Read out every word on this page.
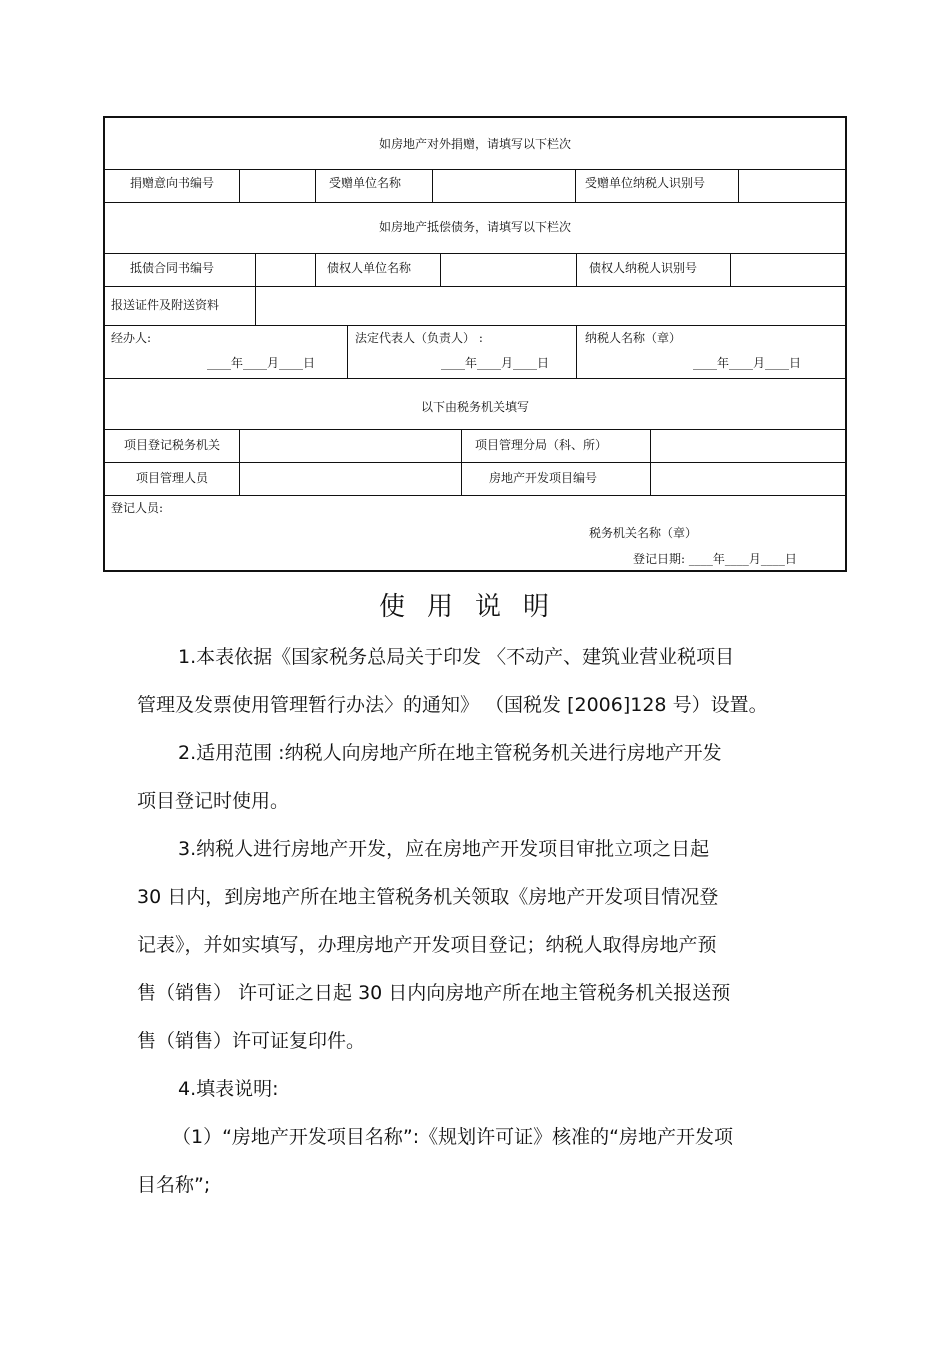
如房地产对外捐赠，请填写以下栏次
捐赠意向书编号	受赠单位名称	受赠单位纳税人识别号
如房地产抵偿债务，请填写以下栏次
抵债合同书编号	债权人单位名称	债权人纳税人识别号
报送证件及附送资料
经办人:
____年____月____日
法定代表人（负责人） :
____年____月____日
纳税人名称（章）
____年____月____日
以下由税务机关填写
项目登记税务机关	项目管理分局（科、所）
项目管理人员	房地产开发项目编号
登记人员:
税务机关名称（章）
登记日期: ____年____月____日
使用说明
1.本表依据《国家税务总局关于印发 〈不动产、建筑业营业税项目
管理及发票使用管理暂行办法〉的通知》 （国税发 [2006]128 号）设置。
2.适用范围 :纳税人向房地产所在地主管税务机关进行房地产开发
项目登记时使用。
3.纳税人进行房地产开发，应在房地产开发项目审批立项之日起
30 日内，到房地产所在地主管税务机关领取《房地产开发项目情况登
记表》，并如实填写，办理房地产开发项目登记；纳税人取得房地产预
售（销售） 许可证之日起 30 日内向房地产所在地主管税务机关报送预
售（销售）许可证复印件。
4.填表说明:
（1）“房地产开发项目名称”:《规划许可证》核准的“房地产开发项
目名称”;
